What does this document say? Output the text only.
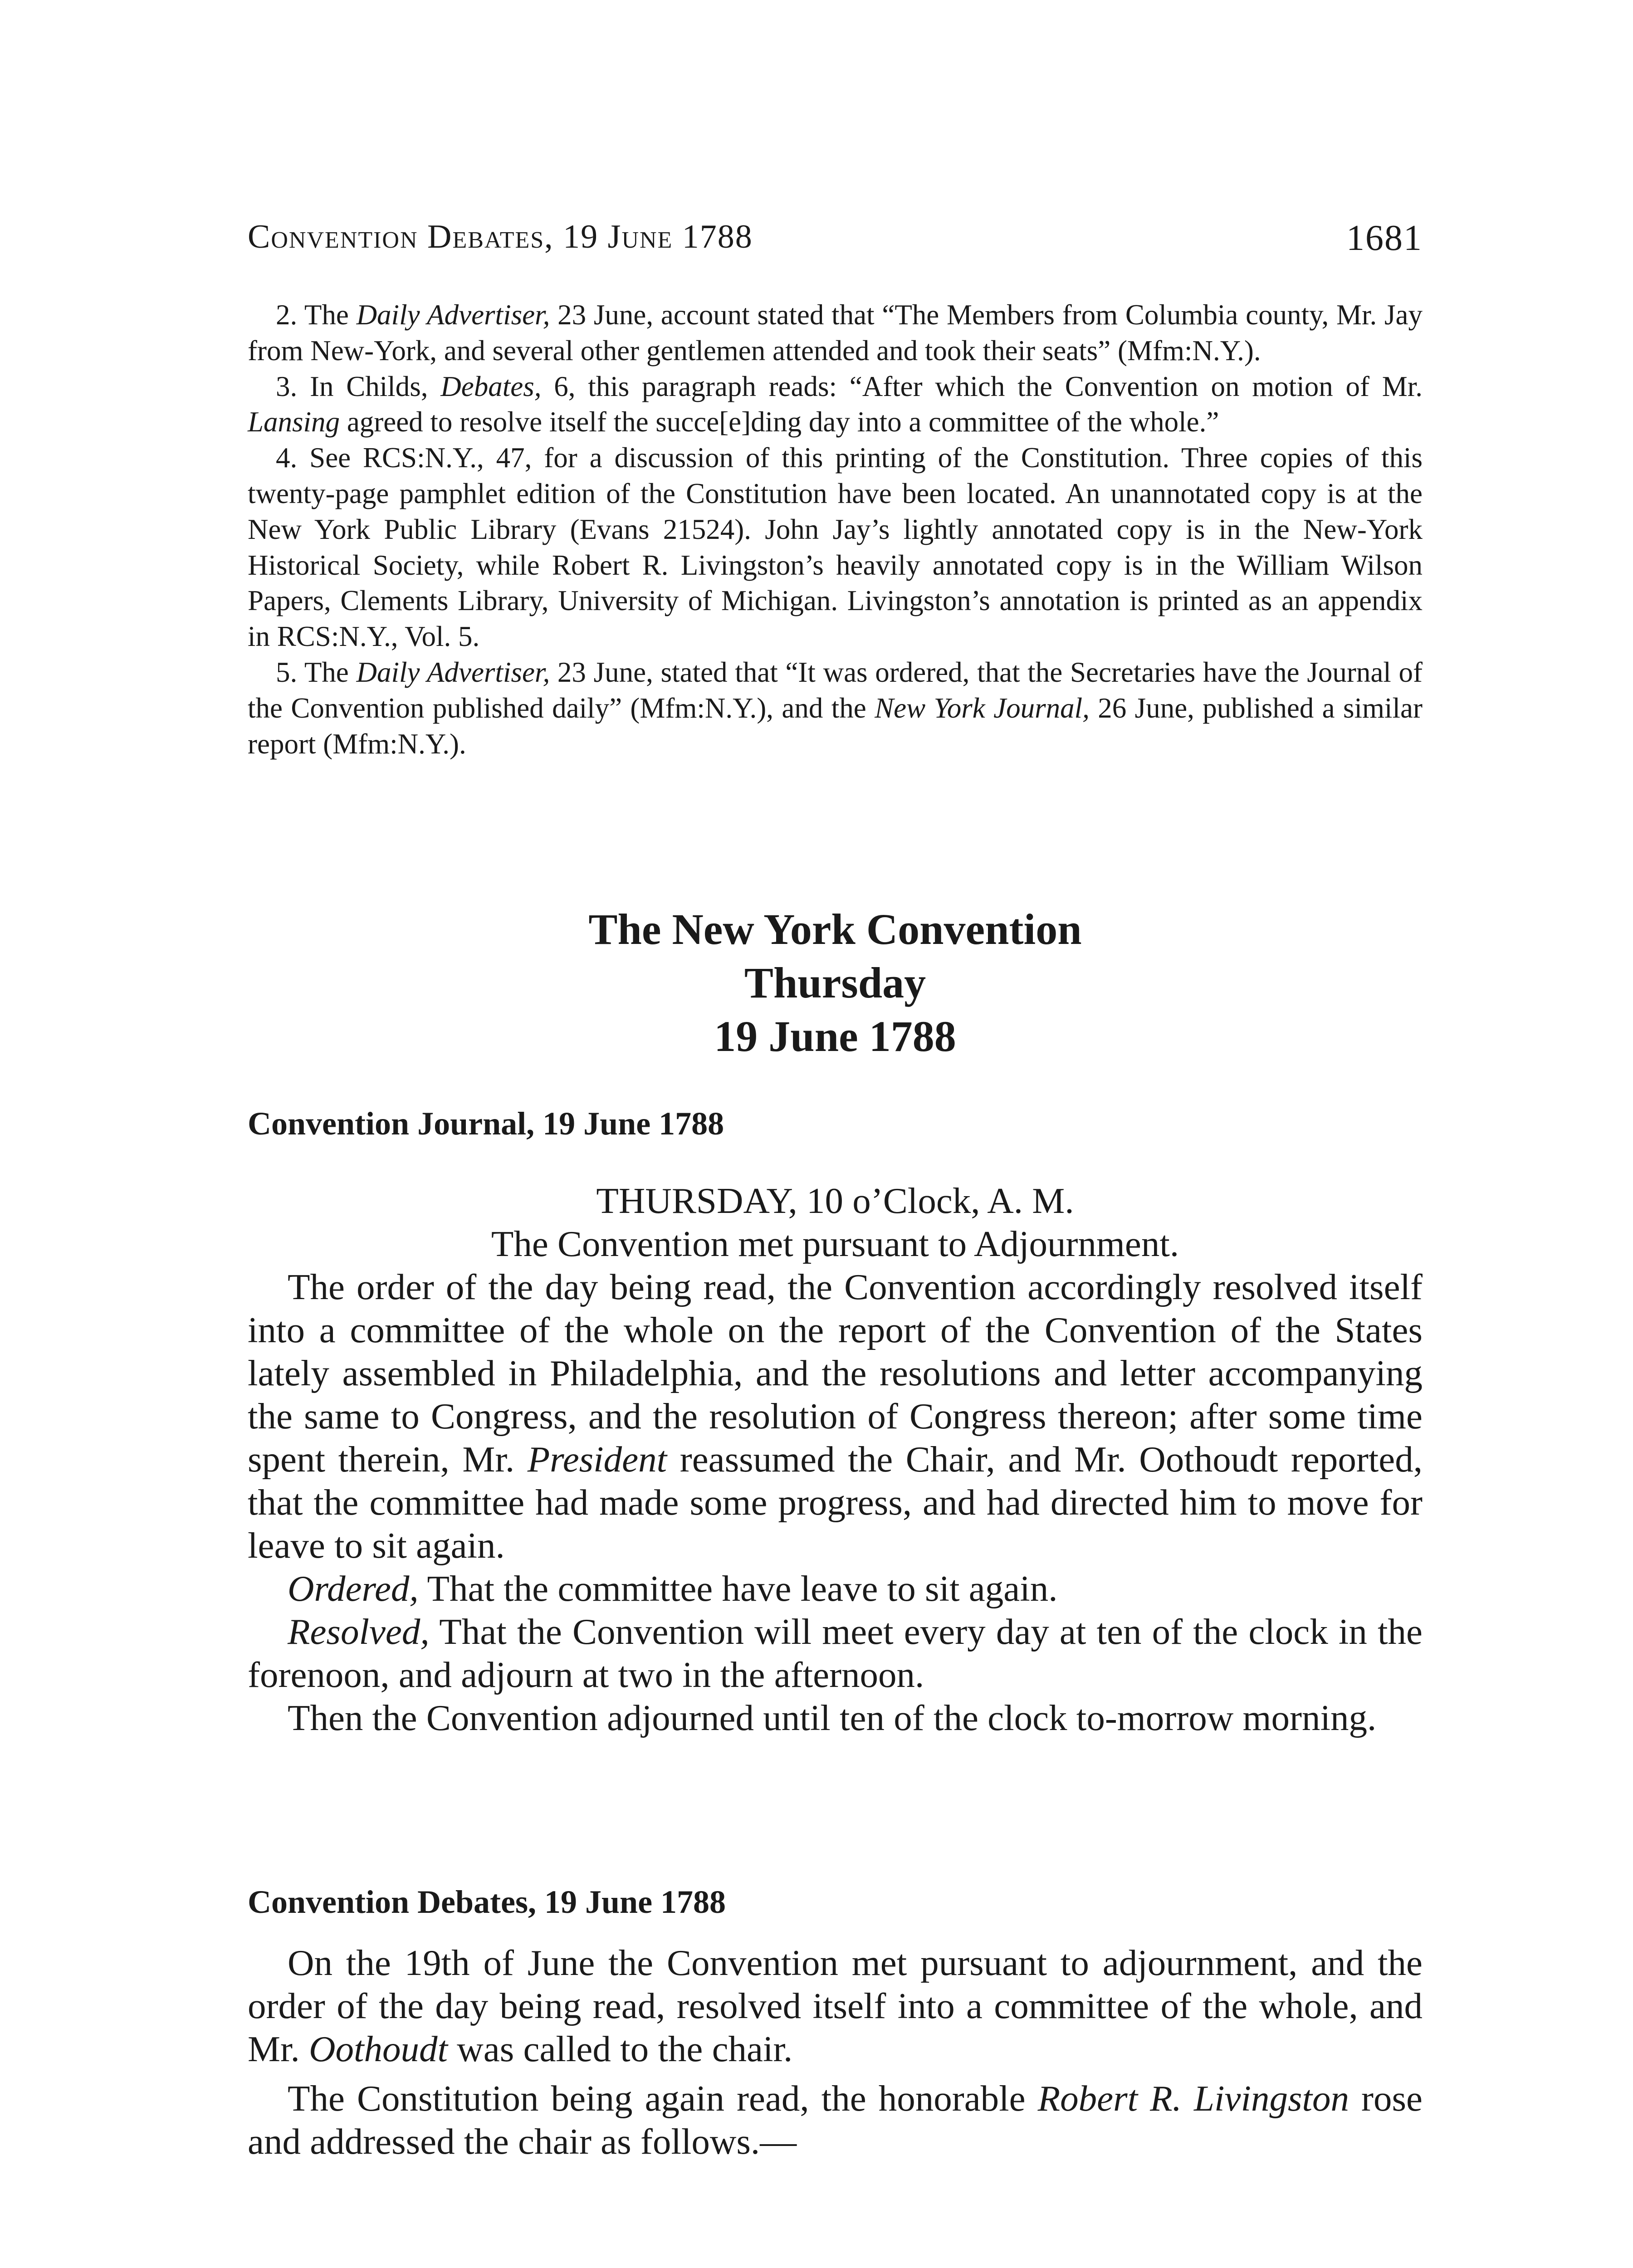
Convention Debates, 19 June 1788	1681

2. The Daily Advertiser, 23 June, account stated that “The Members from Columbia county, Mr. Jay from New-York, and several other gentlemen attended and took their seats” (Mfm:N.Y.).

3. In Childs, Debates, 6, this paragraph reads: “After which the Convention on motion of Mr. Lansing agreed to resolve itself the succe[e]ding day into a committee of the whole.”

4. See RCS:N.Y., 47, for a discussion of this printing of the Constitution. Three copies of this twenty-page pamphlet edition of the Constitution have been located. An unannotated copy is at the New York Public Library (Evans 21524). John Jay’s lightly annotated copy is in the New-York Historical Society, while Robert R. Livingston’s heavily annotated copy is in the William Wilson Papers, Clements Library, University of Michigan. Livingston’s annotation is printed as an appendix in RCS:N.Y., Vol. 5.

5. The Daily Advertiser, 23 June, stated that “It was ordered, that the Secretaries have the Journal of the Convention published daily” (Mfm:N.Y.), and the New York Journal, 26 June, published a similar report (Mfm:N.Y.).

The New York Convention
Thursday
19 June 1788
Convention Journal, 19 June 1788

THURSDAY, 10 o’Clock, A. M.

The Convention met pursuant to Adjournment.

The order of the day being read, the Convention accordingly resolved itself into a committee of the whole on the report of the Convention of the States lately assembled in Philadelphia, and the resolutions and letter accompanying the same to Congress, and the resolution of Congress thereon; after some time spent therein, Mr. President reassumed the Chair, and Mr. Oothoudt reported, that the committee had made some progress, and had directed him to move for leave to sit again.

Ordered, That the committee have leave to sit again.

Resolved, That the Convention will meet every day at ten of the clock in the forenoon, and adjourn at two in the afternoon.

Then the Convention adjourned until ten of the clock to-morrow morning.

Convention Debates, 19 June 1788

On the 19th of June the Convention met pursuant to adjournment, and the order of the day being read, resolved itself into a committee of the whole, and Mr. Oothoudt was called to the chair.

The Constitution being again read, the honorable Robert R. Livingston rose and addressed the chair as follows.—
